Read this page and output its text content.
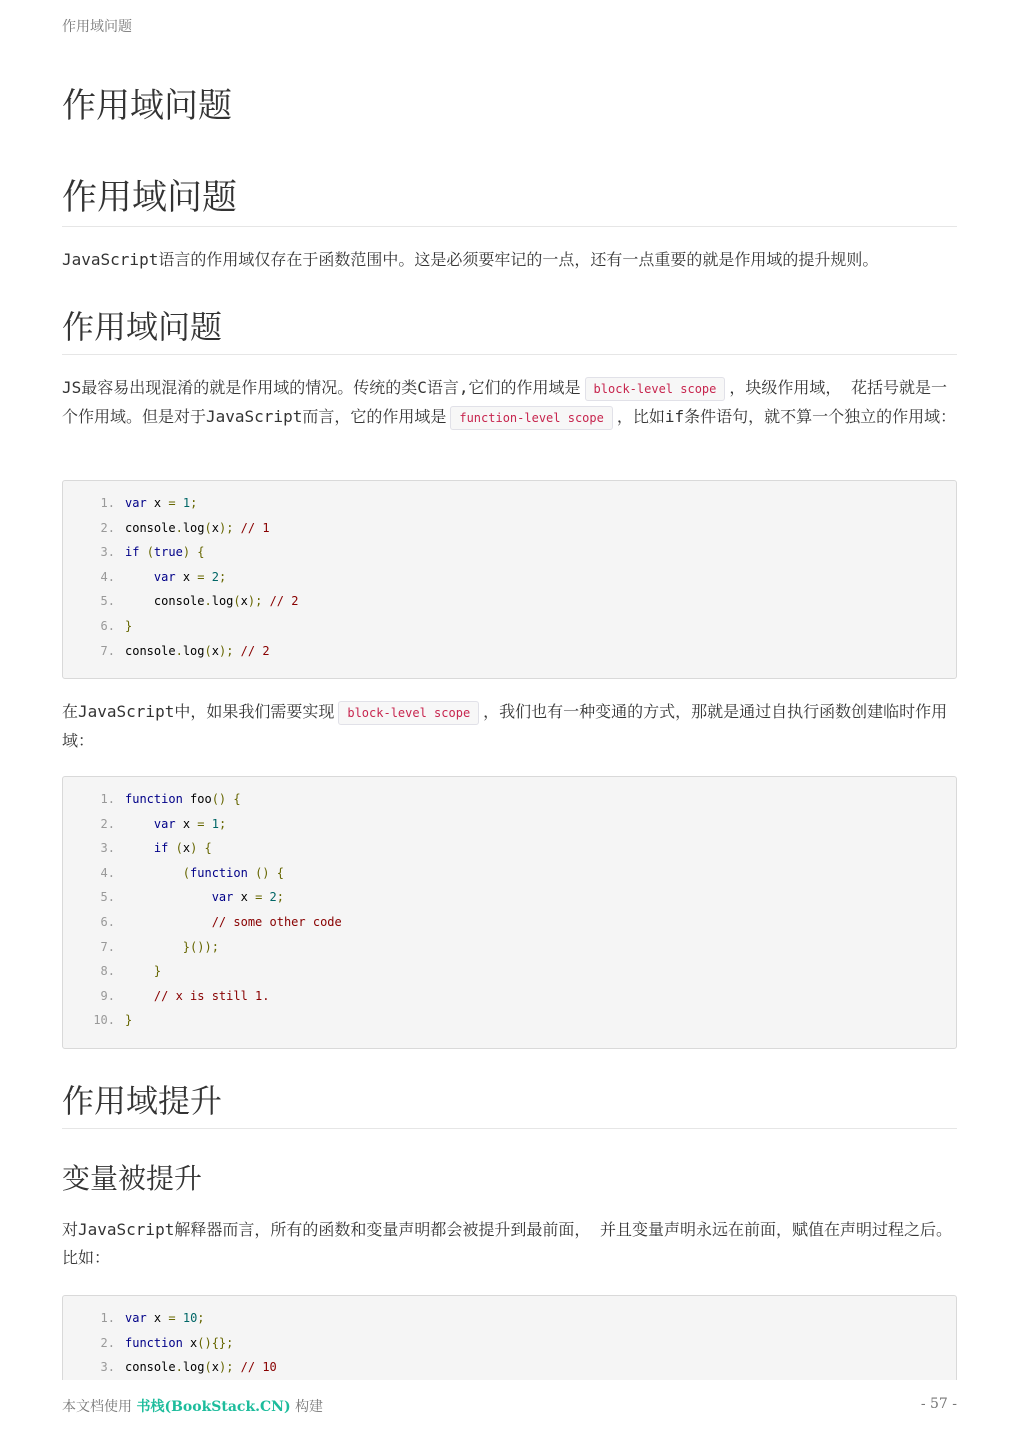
作用域问题
作用域问题
作用域问题

JavaScript语言的作用域仅存在于函数范围中。这是必须要牢记的一点，还有一点重要的就是作用域的提升规则。

作用域问题

JS最容易出现混淆的就是作用域的情况。传统的类C语言,它们的作用域是 block-level scope ，块级作用域， 花括号就是一个作用域。但是对于JavaScript而言，它的作用域是 function-level scope ，比如if条件语句，就不算一个独立的作用域：

1. var x = 1;
2. console.log(x); // 1
3. if (true) {
4.	var x = 2;
5. console.log(x); // 2
6. }
7. console.log(x); // 2

在JavaScript中，如果我们需要实现 block-level scope ，我们也有一种变通的方式，那就是通过自执行函数创建临时作用域：

1. function foo() {
2.	var x = 1;
3.	if (x) {
4.	(function () {
5.	var x = 2;
6.	// some other code
7.	}());
8.	}
9.	// x is still 1.
10. }
作用域提升
变量被提升

对JavaScript解释器而言，所有的函数和变量声明都会被提升到最前面， 并且变量声明永远在前面，赋值在声明过程之后。比如：

1. var x = 10;
2. function x(){};
3. console.log(x); // 10
本文档使用 书栈(BookStack.CN) 构建	- 57 -
